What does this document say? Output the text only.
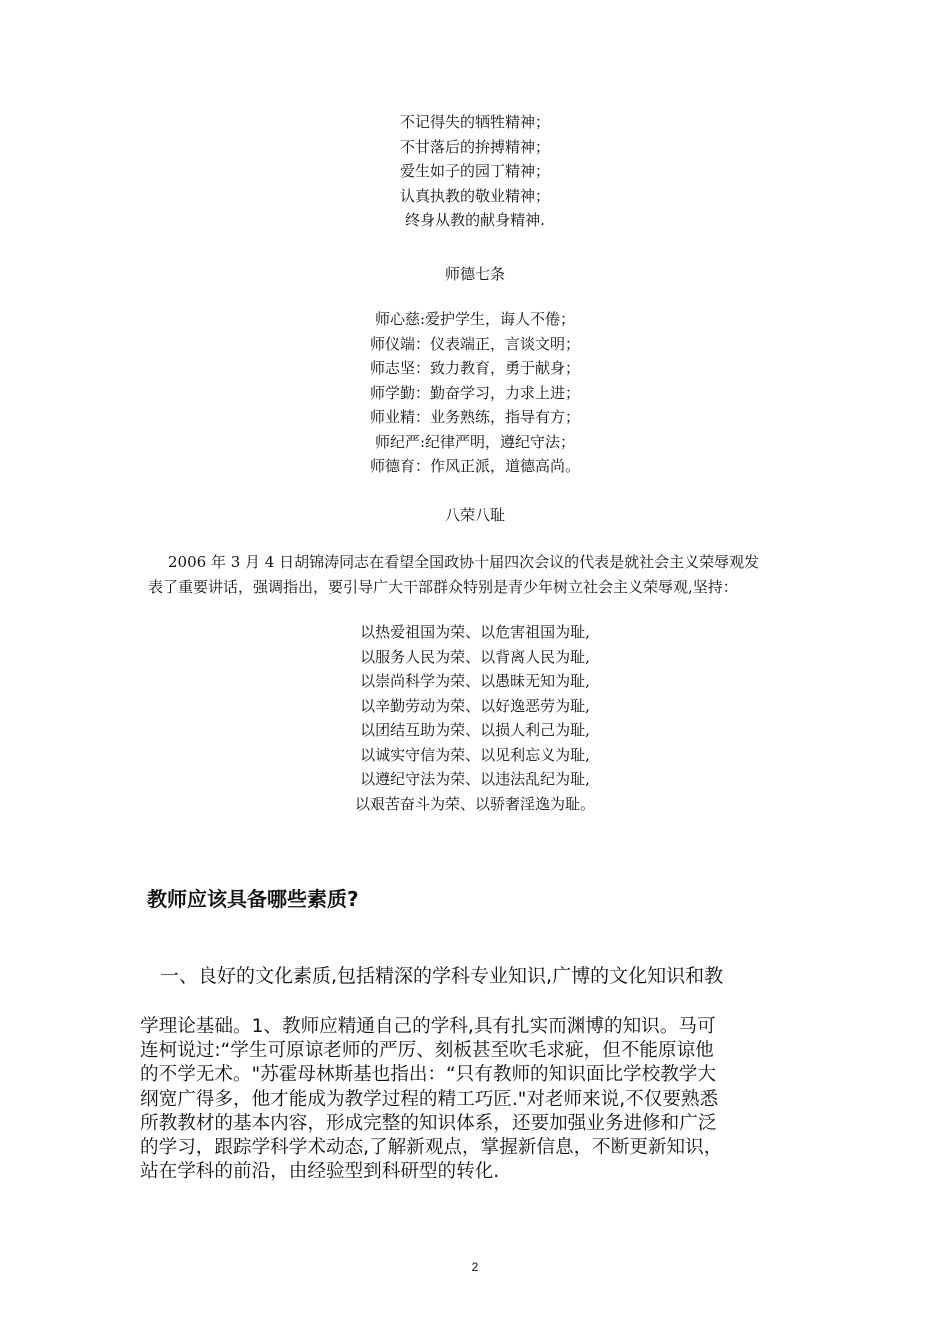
不记得失的牺牲精神；
不甘落后的拚搏精神；
爱生如子的园丁精神；
认真执教的敬业精神；
终身从教的献身精神.
师德七条
师心慈:爱护学生，诲人不倦；
师仪端：仪表端正，言谈文明；
师志坚：致力教育，勇于献身；
师学勤：勤奋学习，力求上进；
师业精：业务熟练，指导有方；
师纪严:纪律严明，遵纪守法；
师德育：作风正派，道德高尚。
八荣八耻
2006 年 3 月 4 日胡锦涛同志在看望全国政协十届四次会议的代表是就社会主义荣辱观发
表了重要讲话，强调指出，要引导广大干部群众特别是青少年树立社会主义荣辱观,坚持：
以热爱祖国为荣、以危害祖国为耻,
以服务人民为荣、以背离人民为耻,
以崇尚科学为荣、以愚昧无知为耻,
以辛勤劳动为荣、以好逸恶劳为耻,
以团结互助为荣、以损人利己为耻,
以诚实守信为荣、以见利忘义为耻,
以遵纪守法为荣、以违法乱纪为耻,
以艰苦奋斗为荣、以骄奢淫逸为耻。
教师应该具备哪些素质?
一、良好的文化素质,包括精深的学科专业知识,广博的文化知识和教
学理论基础。1、教师应精通自己的学科,具有扎实而渊博的知识。马可
连柯说过:“学生可原谅老师的严厉、刻板甚至吹毛求疵，但不能原谅他
的不学无术。"苏霍母林斯基也指出：“只有教师的知识面比学校教学大
纲宽广得多，他才能成为教学过程的精工巧匠."对老师来说,不仅要熟悉
所教教材的基本内容，形成完整的知识体系，还要加强业务进修和广泛
的学习，跟踪学科学术动态,了解新观点，掌握新信息，不断更新知识，
站在学科的前沿，由经验型到科研型的转化.
2
